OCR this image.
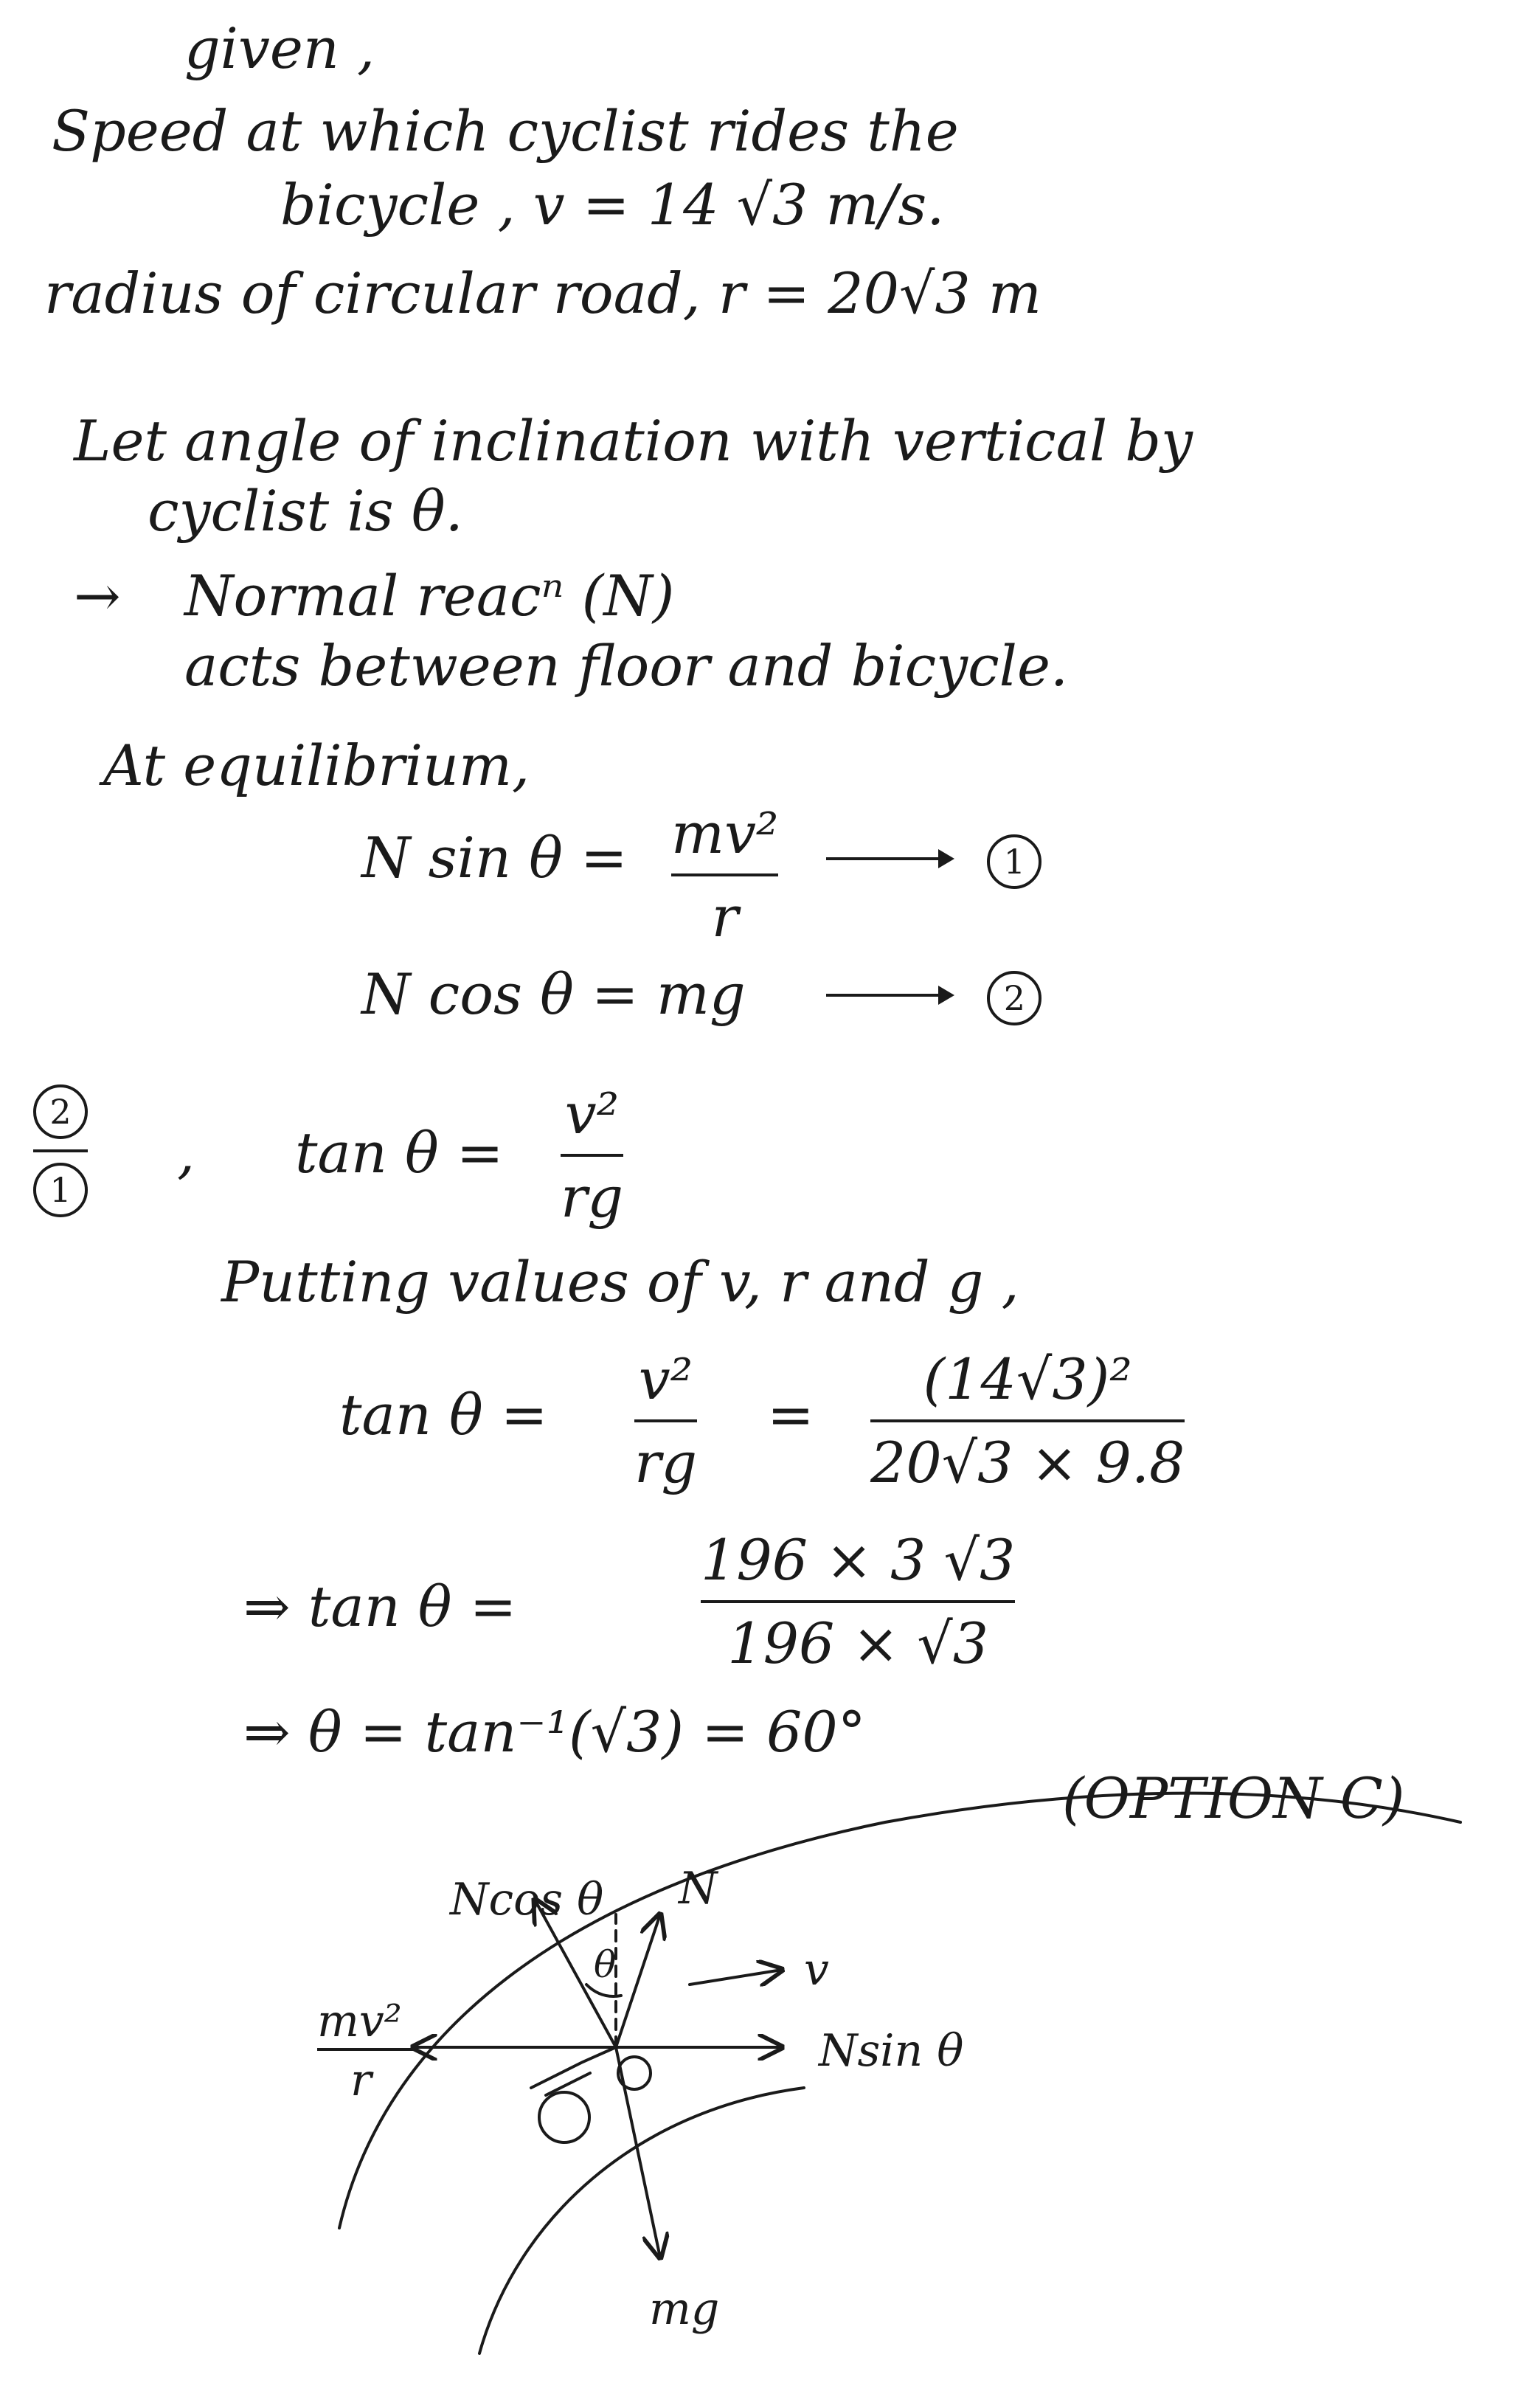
given ,
Speed at which cyclist rides the
bicycle , v = 14 √3 m/s.
radius of circular road, r = 20√3 m
Let angle of inclination with vertical by
cyclist is θ.
→ Normal reacⁿ (N)
acts between floor and bicycle.
At equilibrium,
N sin θ = mv²
r
1
N cos θ = mg	2
$\frac{2}{1}$ , tan θ =
v²
rg
Putting values of v, r and g ,
tan θ =
v²
rg
=
(14√3)²
20√3 × 9.8
⇒ tan θ =
196 × 3 √3
196 × √3
⇒ θ = tan⁻¹(√3) = 60°
(OPTION C)
Ncos θ N
v
θ
Nsin θ
mv²
r
mg
